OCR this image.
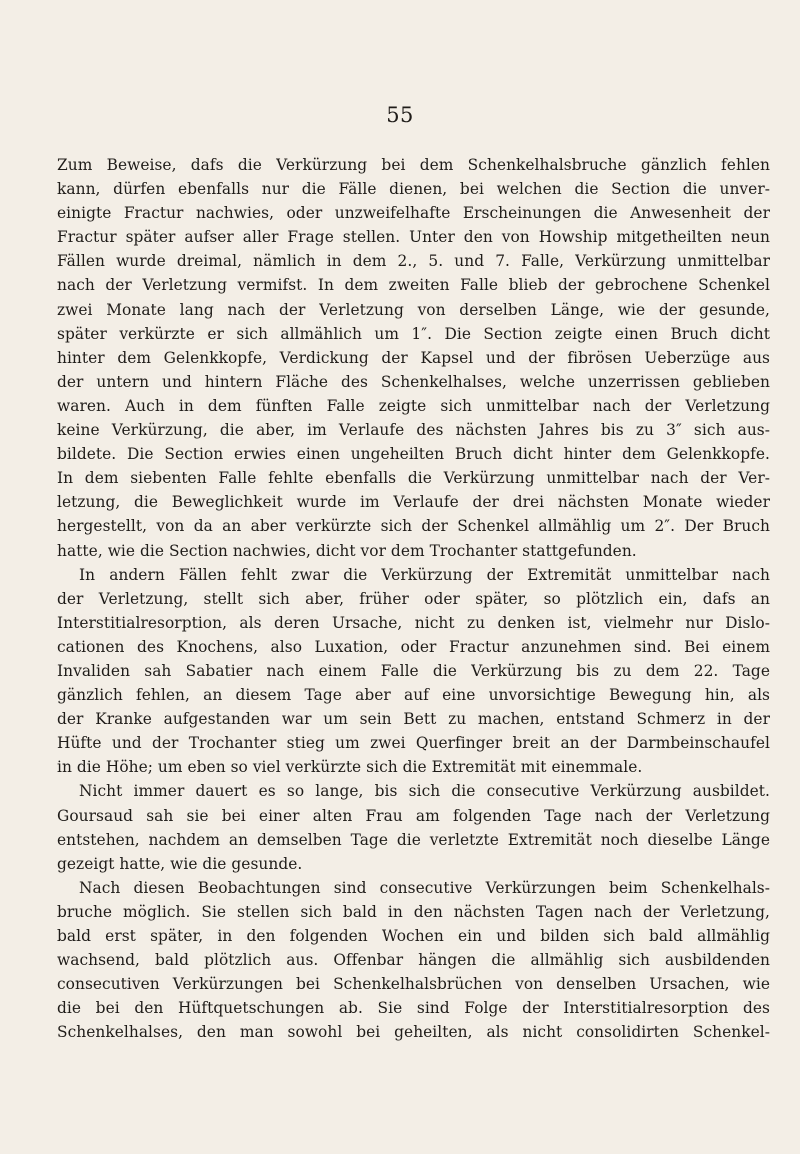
55
Zum Beweise, dafs die Verkürzung bei dem Schenkelhalsbruche gänzlich fehlen
kann, dürfen ebenfalls nur die Fälle dienen, bei welchen die Section die unver-
einigte Fractur nachwies, oder unzweifelhafte Erscheinungen die Anwesenheit der
Fractur später aufser aller Frage stellen. Unter den von Howship mitgetheilten neun
Fällen wurde dreimal, nämlich in dem 2., 5. und 7. Falle, Verkürzung unmittelbar
nach der Verletzung vermifst. In dem zweiten Falle blieb der gebrochene Schenkel
zwei Monate lang nach der Verletzung von derselben Länge, wie der gesunde,
später verkürzte er sich allmählich um 1″. Die Section zeigte einen Bruch dicht
hinter dem Gelenkkopfe, Verdickung der Kapsel und der fibrösen Ueberzüge aus
der untern und hintern Fläche des Schenkelhalses, welche unzerrissen geblieben
waren. Auch in dem fünften Falle zeigte sich unmittelbar nach der Verletzung
keine Verkürzung, die aber, im Verlaufe des nächsten Jahres bis zu 3″ sich aus-
bildete. Die Section erwies einen ungeheilten Bruch dicht hinter dem Gelenkkopfe.
In dem siebenten Falle fehlte ebenfalls die Verkürzung unmittelbar nach der Ver-
letzung, die Beweglichkeit wurde im Verlaufe der drei nächsten Monate wieder
hergestellt, von da an aber verkürzte sich der Schenkel allmählig um 2″. Der Bruch
hatte, wie die Section nachwies, dicht vor dem Trochanter stattgefunden.
In andern Fällen fehlt zwar die Verkürzung der Extremität unmittelbar nach
der Verletzung, stellt sich aber, früher oder später, so plötzlich ein, dafs an
Interstitialresorption, als deren Ursache, nicht zu denken ist, vielmehr nur Dislo-
cationen des Knochens, also Luxation, oder Fractur anzunehmen sind. Bei einem
Invaliden sah Sabatier nach einem Falle die Verkürzung bis zu dem 22. Tage
gänzlich fehlen, an diesem Tage aber auf eine unvorsichtige Bewegung hin, als
der Kranke aufgestanden war um sein Bett zu machen, entstand Schmerz in der
Hüfte und der Trochanter stieg um zwei Querfinger breit an der Darmbeinschaufel
in die Höhe; um eben so viel verkürzte sich die Extremität mit einemmale.
Nicht immer dauert es so lange, bis sich die consecutive Verkürzung ausbildet.
Goursaud sah sie bei einer alten Frau am folgenden Tage nach der Verletzung
entstehen, nachdem an demselben Tage die verletzte Extremität noch dieselbe Länge
gezeigt hatte, wie die gesunde.
Nach diesen Beobachtungen sind consecutive Verkürzungen beim Schenkelhals-
bruche möglich. Sie stellen sich bald in den nächsten Tagen nach der Verletzung,
bald erst später, in den folgenden Wochen ein und bilden sich bald allmählig
wachsend, bald plötzlich aus. Offenbar hängen die allmählig sich ausbildenden
consecutiven Verkürzungen bei Schenkelhalsbrüchen von denselben Ursachen, wie
die bei den Hüftquetschungen ab. Sie sind Folge der Interstitialresorption des
Schenkelhalses, den man sowohl bei geheilten, als nicht consolidirten Schenkel-
